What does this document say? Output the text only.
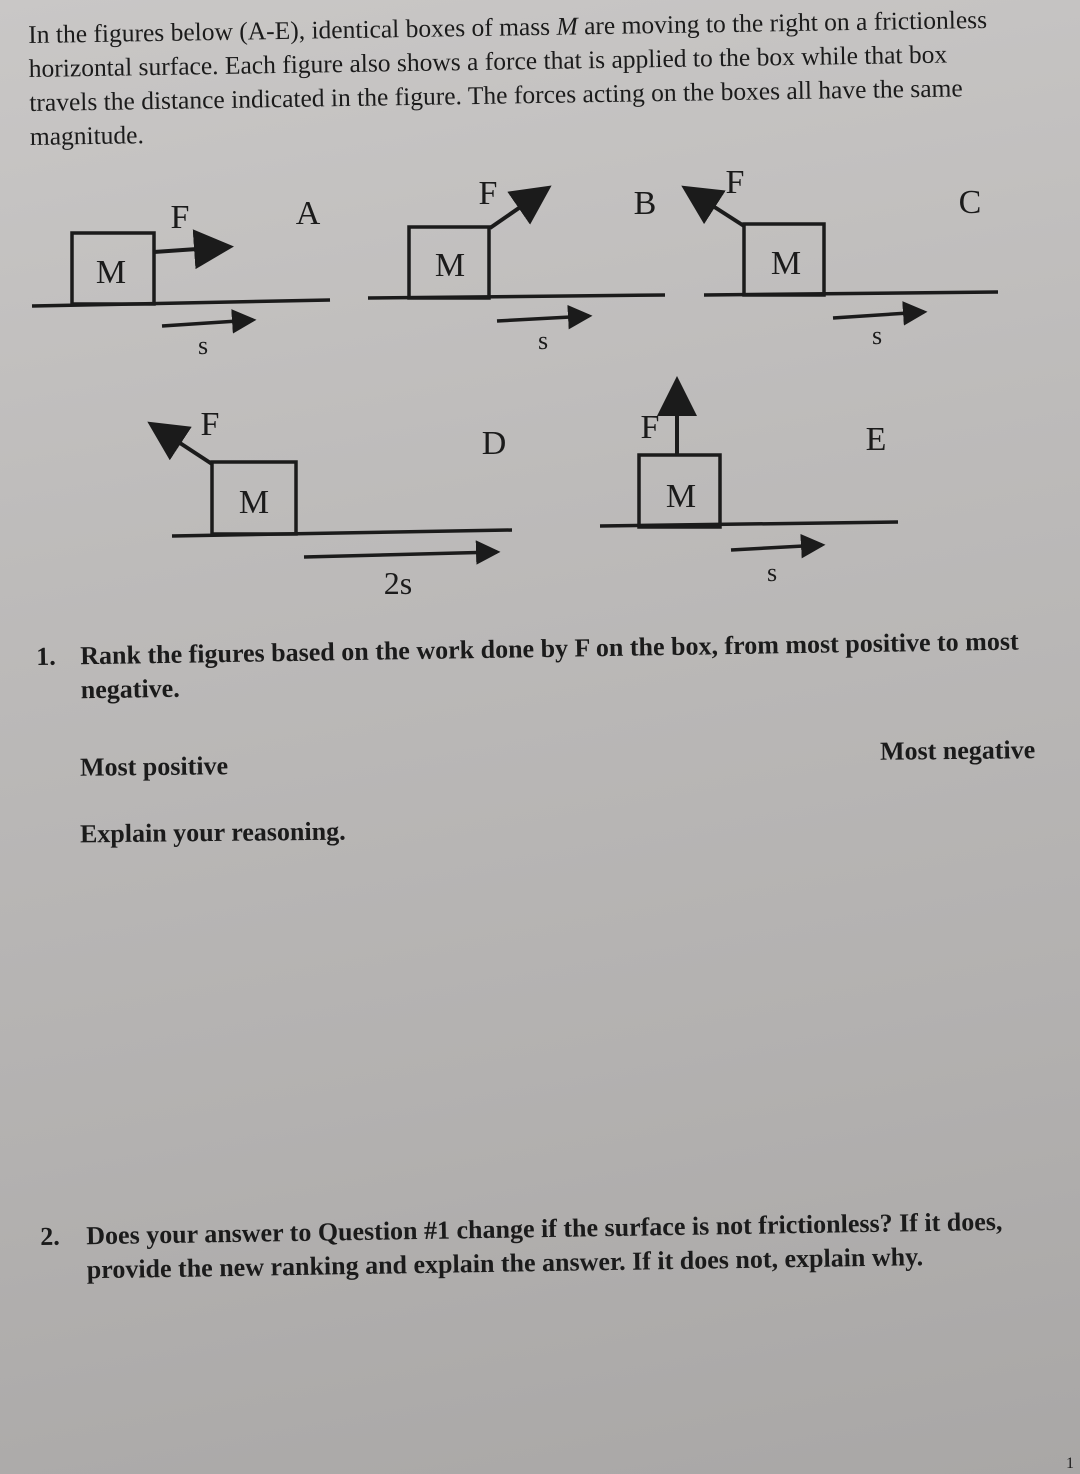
In the figures below (A-E), identical boxes of mass M are moving to the right on a frictionless horizontal surface. Each figure also shows a force that is applied to the box while that box travels the distance indicated in the figure. The forces acting on the boxes all have the same magnitude.

M
F	A
s
M
F	B
s
M
F
C
s
M
F
D
2s
M
F	E
s
1. Rank the figures based on the work done by F on the box, from most positive to most negative.
Most positive
Most negative
Explain your reasoning.
2. Does your answer to Question #1 change if the surface is not frictionless? If it does, provide the new ranking and explain the answer. If it does not, explain why.
1
